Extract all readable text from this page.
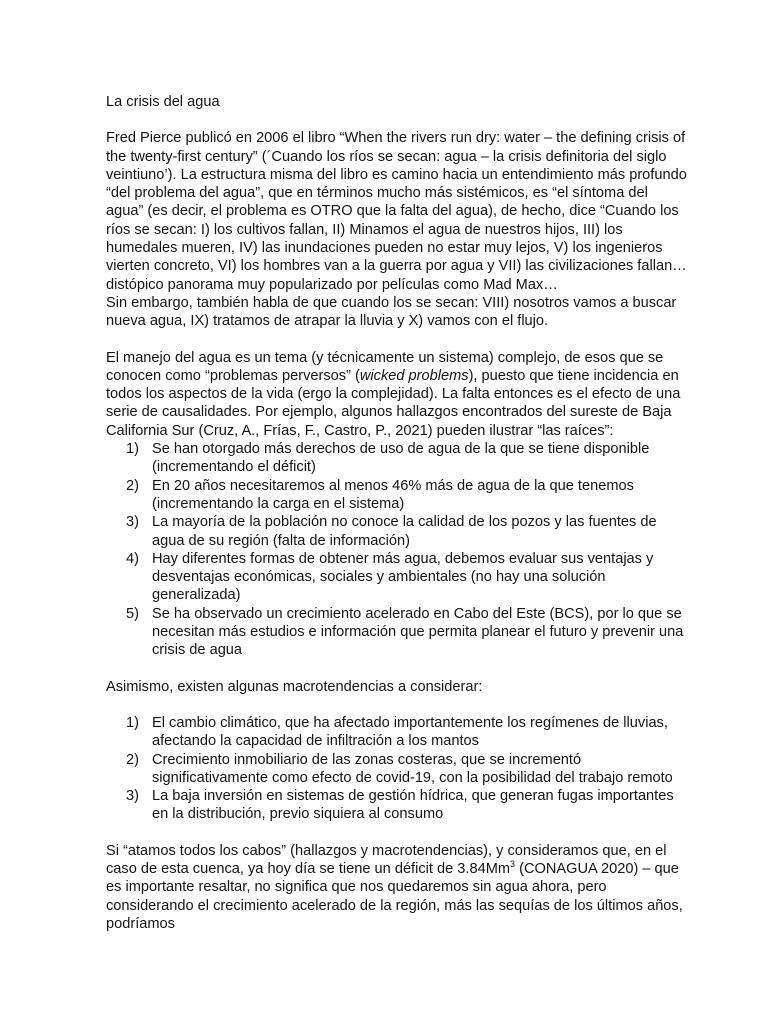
La crisis del agua

Fred Pierce publicó en 2006 el libro “When the rivers run dry: water – the defining crisis of the twenty-first century” (´Cuando los ríos se secan: agua – la crisis definitoria del siglo veintiuno’). La estructura misma del libro es camino hacia un entendimiento más profundo “del problema del agua”, que en términos mucho más sistémicos, es “el síntoma del agua” (es decir, el problema es OTRO que la falta del agua), de hecho, dice “Cuando los ríos se secan: I) los cultivos fallan, II) Minamos el agua de nuestros hijos, III) los humedales mueren, IV) las inundaciones pueden no estar muy lejos, V) los ingenieros vierten concreto, VI) los hombres van a la guerra por agua y VII) las civilizaciones fallan… distópico panorama muy popularizado por películas como Mad Max…
Sin embargo, también habla de que cuando los se secan: VIII) nosotros vamos a buscar nueva agua, IX) tratamos de atrapar la lluvia y X) vamos con el flujo.

El manejo del agua es un tema (y técnicamente un sistema) complejo, de esos que se conocen como “problemas perversos” (wicked problems), puesto que tiene incidencia en todos los aspectos de la vida (ergo la complejidad). La falta entonces es el efecto de una serie de causalidades. Por ejemplo, algunos hallazgos encontrados del sureste de Baja California Sur (Cruz, A., Frías, F., Castro, P., 2021) pueden ilustrar “las raíces”:

1) Se han otorgado más derechos de uso de agua de la que se tiene disponible (incrementando el déficit)
2) En 20 años necesitaremos al menos 46% más de agua de la que tenemos (incrementando la carga en el sistema)
3) La mayoría de la población no conoce la calidad de los pozos y las fuentes de agua de su región (falta de información)
4) Hay diferentes formas de obtener más agua, debemos evaluar sus ventajas y desventajas económicas, sociales y ambientales (no hay una solución generalizada)
5) Se ha observado un crecimiento acelerado en Cabo del Este (BCS), por lo que se necesitan más estudios e información que permita planear el futuro y prevenir una crisis de agua

Asimismo, existen algunas macrotendencias a considerar:

1) El cambio climático, que ha afectado importantemente los regímenes de lluvias, afectando la capacidad de infiltración a los mantos
2) Crecimiento inmobiliario de las zonas costeras, que se incrementó significativamente como efecto de covid-19, con la posibilidad del trabajo remoto
3) La baja inversión en sistemas de gestión hídrica, que generan fugas importantes en la distribución, previo siquiera al consumo

Si “atamos todos los cabos” (hallazgos y macrotendencias), y consideramos que, en el caso de esta cuenca, ya hoy día se tiene un déficit de 3.84Mm$^3$ (CONAGUA 2020) – que es importante resaltar, no significa que nos quedaremos sin agua ahora, pero considerando el crecimiento acelerado de la región, más las sequías de los últimos años, podríamos
